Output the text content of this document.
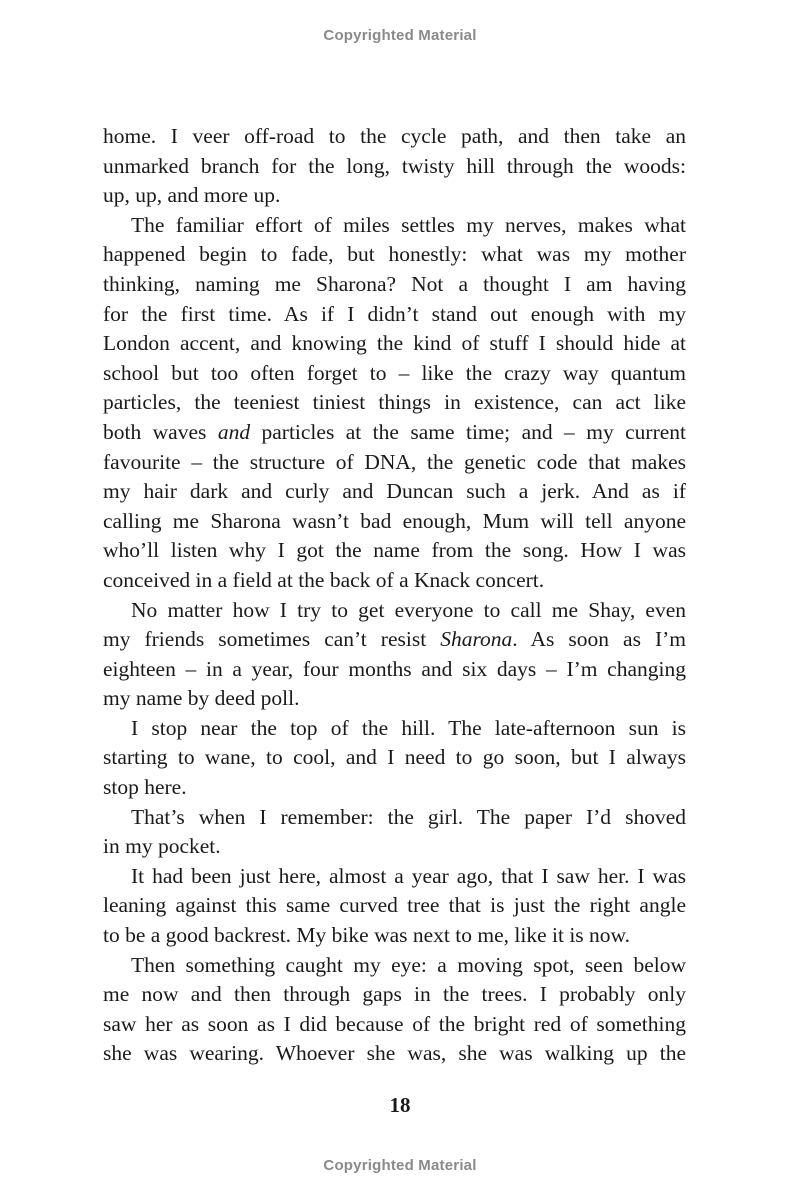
Copyrighted Material
home. I veer off-road to the cycle path, and then take an
unmarked branch for the long, twisty hill through the woods:
up, up, and more up.
The familiar effort of miles settles my nerves, makes what
happened begin to fade, but honestly: what was my mother
thinking, naming me Sharona? Not a thought I am having
for the first time. As if I didn’t stand out enough with my
London accent, and knowing the kind of stuff I should hide at
school but too often forget to – like the crazy way quantum
particles, the teeniest tiniest things in existence, can act like
both waves and particles at the same time; and – my current
favourite – the structure of DNA, the genetic code that makes
my hair dark and curly and Duncan such a jerk. And as if
calling me Sharona wasn’t bad enough, Mum will tell anyone
who’ll listen why I got the name from the song. How I was
conceived in a field at the back of a Knack concert.
No matter how I try to get everyone to call me Shay, even
my friends sometimes can’t resist Sharona. As soon as I’m
eighteen – in a year, four months and six days – I’m changing
my name by deed poll.
I stop near the top of the hill. The late-afternoon sun is
starting to wane, to cool, and I need to go soon, but I always
stop here.
That’s when I remember: the girl. The paper I’d shoved
in my pocket.
It had been just here, almost a year ago, that I saw her. I was
leaning against this same curved tree that is just the right angle
to be a good backrest. My bike was next to me, like it is now.
Then something caught my eye: a moving spot, seen below
me now and then through gaps in the trees. I probably only
saw her as soon as I did because of the bright red of something
she was wearing. Whoever she was, she was walking up the
18
Copyrighted Material
